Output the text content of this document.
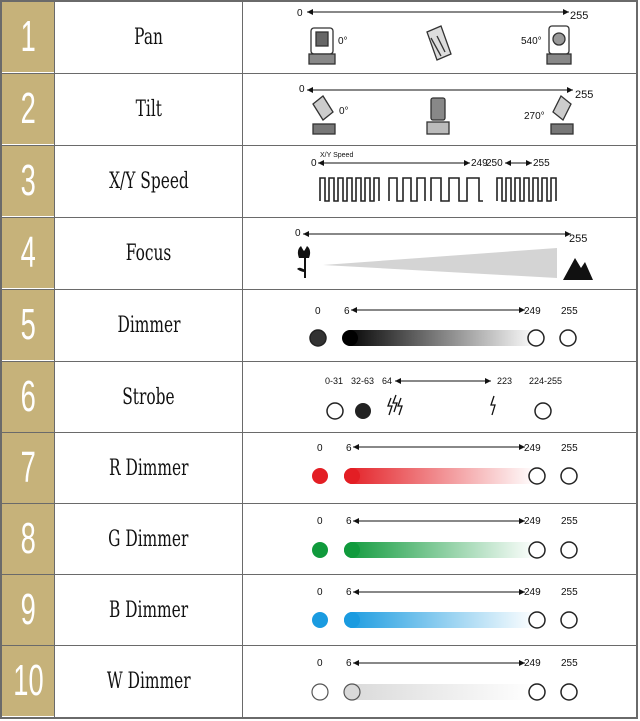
1	Pan
0	255
0°	540°
2	Tilt
0	255
0°	270°
3	X/Y Speed
0
X/Y Speed
249
250	255
4	Focus
0	255
5	Dimmer
0 6	249 255
6	Strobe
0-31 32-63 64	223 224-255
7	R Dimmer
0 6	249 255
8	G Dimmer
0 6	249 255
9	B Dimmer
0 6	249 255
10	W Dimmer
0 6	249 255
